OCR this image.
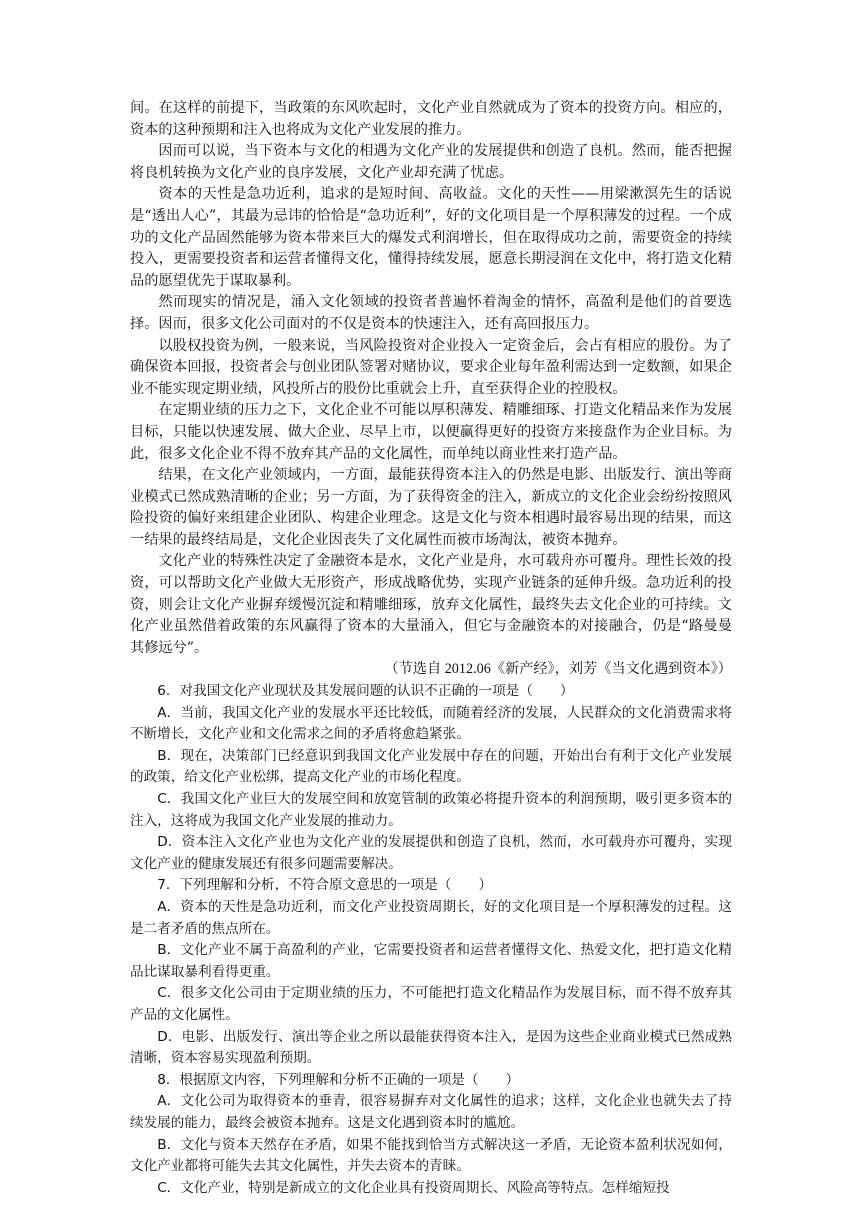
间。在这样的前提下，当政策的东风吹起时，文化产业自然就成为了资本的投资方向。相应的，资本的这种预期和注入也将成为文化产业发展的推力。

因而可以说，当下资本与文化的相遇为文化产业的发展提供和创造了良机。然而，能否把握将良机转换为文化产业的良序发展，文化产业却充满了忧虑。

资本的天性是急功近利，追求的是短时间、高收益。文化的天性——用梁漱溟先生的话说是“透出人心”，其最为忌讳的恰恰是“急功近利”，好的文化项目是一个厚积薄发的过程。一个成功的文化产品固然能够为资本带来巨大的爆发式利润增长，但在取得成功之前，需要资金的持续投入，更需要投资者和运营者懂得文化，懂得持续发展，愿意长期浸润在文化中，将打造文化精品的愿望优先于谋取暴利。

然而现实的情况是，涌入文化领域的投资者普遍怀着淘金的情怀，高盈利是他们的首要选择。因而，很多文化公司面对的不仅是资本的快速注入，还有高回报压力。

以股权投资为例，一般来说，当风险投资对企业投入一定资金后，会占有相应的股份。为了确保资本回报，投资者会与创业团队签署对赌协议，要求企业每年盈利需达到一定数额，如果企业不能实现定期业绩，风投所占的股份比重就会上升，直至获得企业的控股权。

在定期业绩的压力之下，文化企业不可能以厚积薄发、精雕细琢、打造文化精品来作为发展目标，只能以快速发展、做大企业、尽早上市，以便赢得更好的投资方来接盘作为企业目标。为此，很多文化企业不得不放弃其产品的文化属性，而单纯以商业性来打造产品。

结果，在文化产业领域内，一方面，最能获得资本注入的仍然是电影、出版发行、演出等商业模式已然成熟清晰的企业；另一方面，为了获得资金的注入，新成立的文化企业会纷纷按照风险投资的偏好来组建企业团队、构建企业理念。这是文化与资本相遇时最容易出现的结果，而这一结果的最终结局是，文化企业因丧失了文化属性而被市场淘汰，被资本抛弃。

文化产业的特殊性决定了金融资本是水，文化产业是舟，水可载舟亦可覆舟。理性长效的投资，可以帮助文化产业做大无形资产，形成战略优势，实现产业链条的延伸升级。急功近利的投资，则会让文化产业摒弃缓慢沉淀和精雕细琢，放弃文化属性，最终失去文化企业的可持续。文化产业虽然借着政策的东风赢得了资本的大量涌入，但它与金融资本的对接融合，仍是“路曼曼其修远兮”。

（节选自 2012.06《新产经》，刘芳《当文化遇到资本》）

6．对我国文化产业现状及其发展问题的认识不正确的一项是（　　）

A．当前，我国文化产业的发展水平还比较低，而随着经济的发展，人民群众的文化消费需求将不断增长，文化产业和文化需求之间的矛盾将愈趋紧张。

B．现在，决策部门已经意识到我国文化产业发展中存在的问题，开始出台有利于文化产业发展的政策，给文化产业松绑，提高文化产业的市场化程度。

C．我国文化产业巨大的发展空间和放宽管制的政策必将提升资本的利润预期，吸引更多资本的注入，这将成为我国文化产业发展的推动力。

D．资本注入文化产业也为文化产业的发展提供和创造了良机，然而，水可载舟亦可覆舟，实现文化产业的健康发展还有很多问题需要解决。

7．下列理解和分析，不符合原文意思的一项是（　　）

A．资本的天性是急功近利，而文化产业投资周期长，好的文化项目是一个厚积薄发的过程。这是二者矛盾的焦点所在。

B．文化产业不属于高盈利的产业，它需要投资者和运营者懂得文化、热爱文化，把打造文化精品比谋取暴利看得更重。

C．很多文化公司由于定期业绩的压力，不可能把打造文化精品作为发展目标，而不得不放弃其产品的文化属性。

D．电影、出版发行、演出等企业之所以最能获得资本注入，是因为这些企业商业模式已然成熟清晰，资本容易实现盈利预期。

8．根据原文内容，下列理解和分析不正确的一项是（　　）

A．文化公司为取得资本的垂青，很容易摒弃对文化属性的追求；这样，文化企业也就失去了持续发展的能力，最终会被资本抛弃。这是文化遇到资本时的尴尬。

B．文化与资本天然存在矛盾，如果不能找到恰当方式解决这一矛盾，无论资本盈利状况如何，文化产业都将可能失去其文化属性，并失去资本的青睐。

C．文化产业，特别是新成立的文化企业具有投资周期长、风险高等特点。怎样缩短投
